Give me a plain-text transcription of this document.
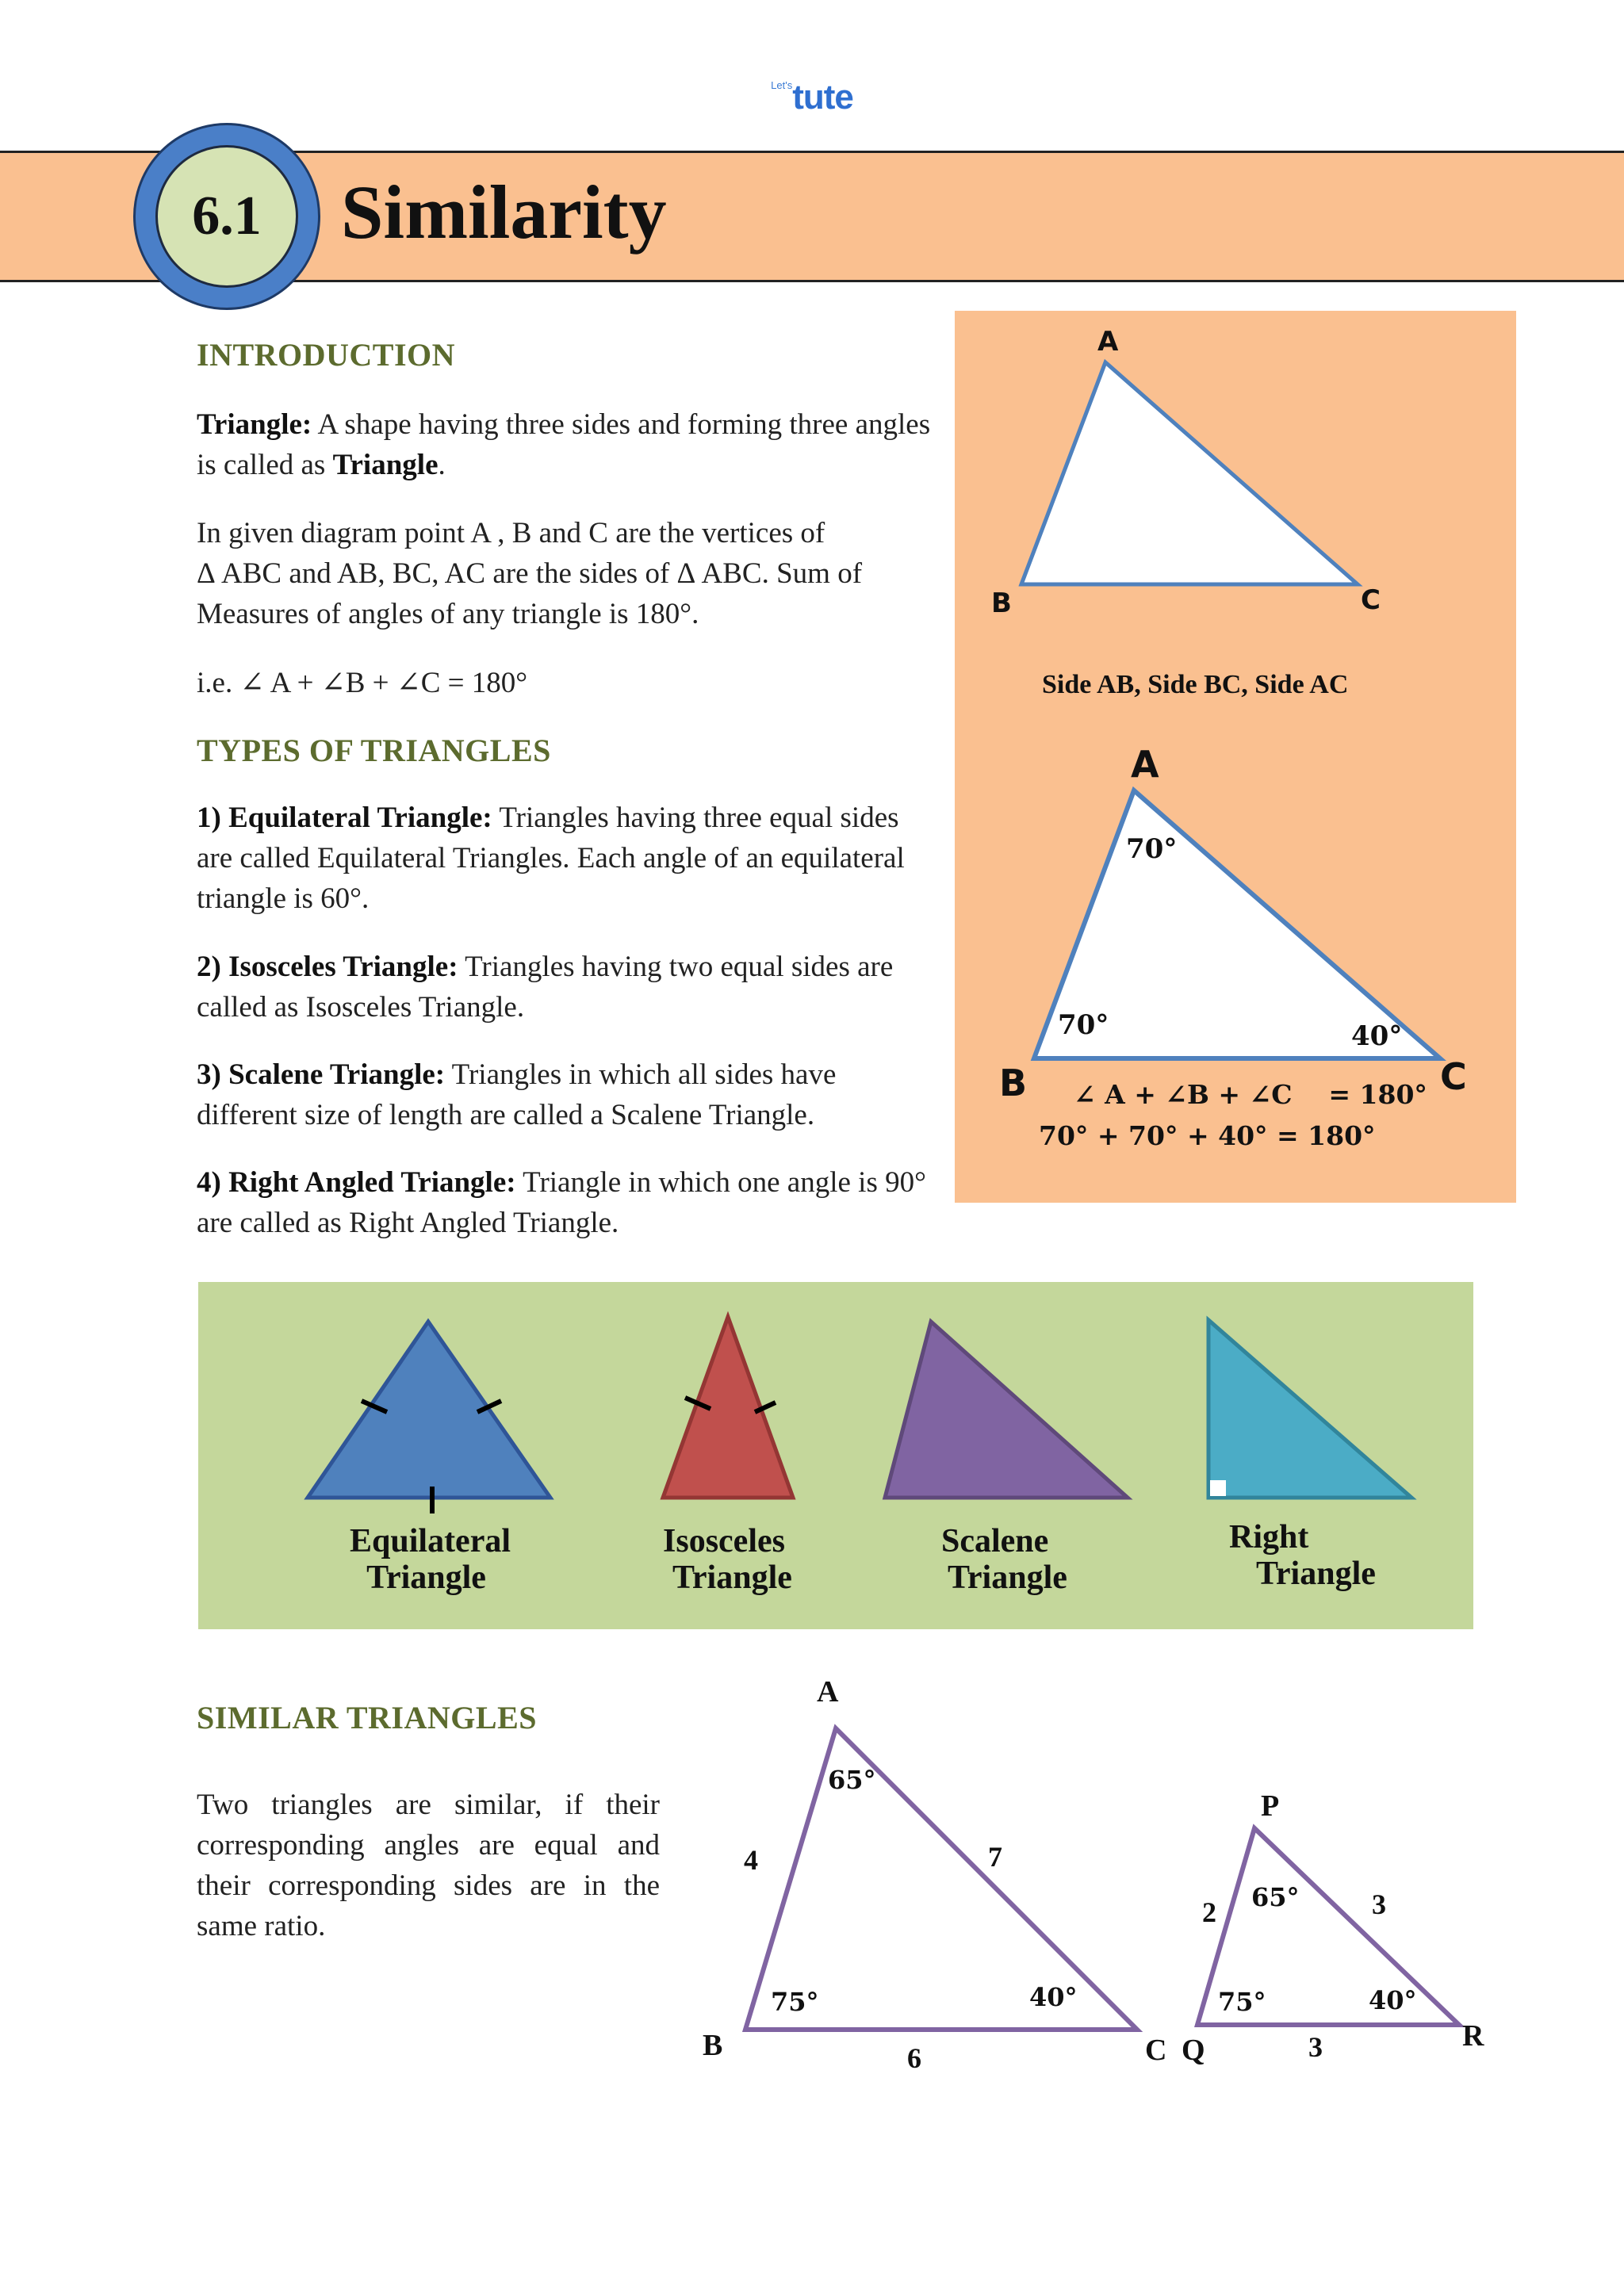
$^{Let's}$tute
6.1	Similarity
INTRODUCTION
Triangle: A shape having three sides and forming three angles is called as Triangle.
In given diagram point A , B and C are the vertices of
Δ ABC and AB, BC, AC are the sides of Δ ABC. Sum of
Measures of angles of any triangle is 180°.
i.e. ∠ A + ∠B + ∠C = 180°
TYPES OF TRIANGLES
1) Equilateral Triangle: Triangles having three equal sides are called Equilateral Triangles. Each angle of an equilateral triangle is 60°.
2) Isosceles Triangle: Triangles having two equal sides are called as Isosceles Triangle.
3) Scalene Triangle: Triangles in which all sides have different size of length are called a Scalene Triangle.
4) Right Angled Triangle: Triangle in which one angle is 90° are called as Right Angled Triangle.
A
B	C
Side AB, Side BC, Side AC
A
B	C
70°
70°	40°
∠ A + ∠B + ∠C    = 180°
70° + 70° + 40° = 180°
Equilateral
Triangle
Isosceles
Triangle
Scalene
Triangle
Right
Triangle
SIMILAR TRIANGLES
Two triangles are similar, if their
corresponding angles are equal and
their corresponding sides are in the
same ratio.
A
B	C
65°
75°	40°
4	7
6
P
Q	R
65°
75°	40°
2	3
3
